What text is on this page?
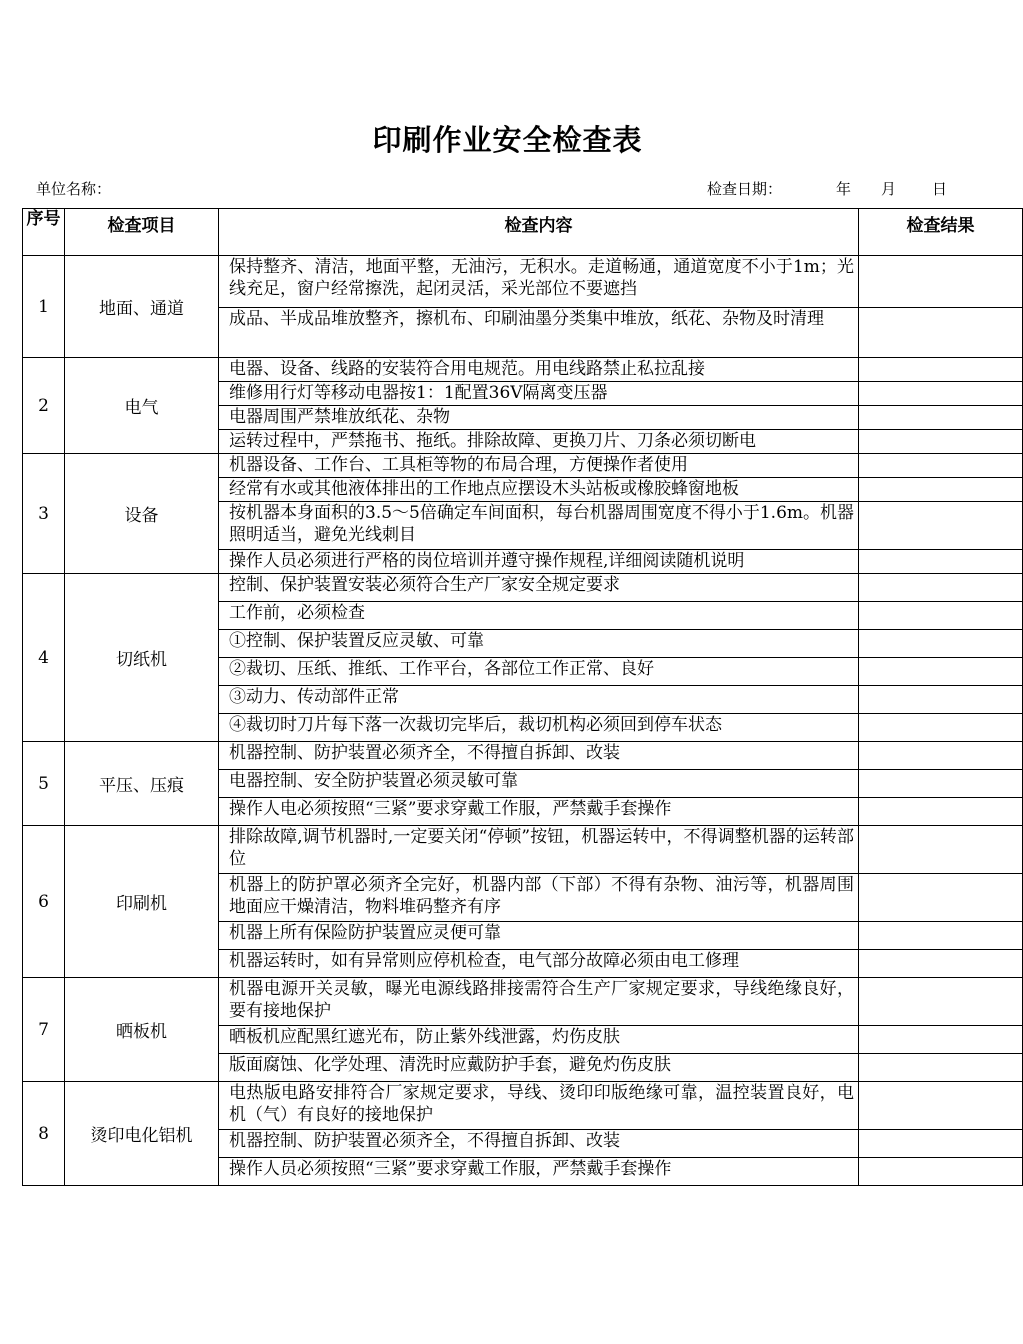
印刷作业安全检查表
单位名称：	检查日期：	年 月 日
序号	检查项目	检查内容	检查结果
1	地面、通道	保持整齐、清洁，地面平整，无油污，无积水。走道畅通，通道宽度不小于1m；光线充足，窗户经常擦洗，起闭灵活，采光部位不要遮挡	
		成品、半成品堆放整齐，擦机布、印刷油墨分类集中堆放，纸花、杂物及时清理	
2	电气	电器、设备、线路的安装符合用电规范。用电线路禁止私拉乱接	
		维修用行灯等移动电器按1：1配置36V隔离变压器	
		电器周围严禁堆放纸花、杂物	
		运转过程中，严禁拖书、拖纸。排除故障、更换刀片、刀条必须切断电	
3	设备	机器设备、工作台、工具柜等物的布局合理，方便操作者使用	
		经常有水或其他液体排出的工作地点应摆设木头站板或橡胶蜂窗地板	
		按机器本身面积的3.5～5倍确定车间面积，每台机器周围宽度不得小于1.6m。机器照明适当，避免光线刺目	
		操作人员必须进行严格的岗位培训并遵守操作规程,详细阅读随机说明	
4	切纸机	控制、保护装置安装必须符合生产厂家安全规定要求	
		工作前，必须检查	
		①控制、保护装置反应灵敏、可靠	
		②裁切、压纸、推纸、工作平台，各部位工作正常、良好	
		③动力、传动部件正常	
		④裁切时刀片每下落一次裁切完毕后，裁切机构必须回到停车状态	
5	平压、压痕	机器控制、防护装置必须齐全，不得擅自拆卸、改装	
		电器控制、安全防护装置必须灵敏可靠	
		操作人电必须按照“三紧”要求穿戴工作服，严禁戴手套操作	
6	印刷机	排除故障,调节机器时,一定要关闭“停顿”按钮，机器运转中，不得调整机器的运转部位	
		机器上的防护罩必须齐全完好，机器内部（下部）不得有杂物、油污等，机器周围地面应干燥清洁，物料堆码整齐有序	
		机器上所有保险防护装置应灵便可靠	
		机器运转时，如有异常则应停机检查，电气部分故障必须由电工修理	
7	晒板机	机器电源开关灵敏，曝光电源线路排接需符合生产厂家规定要求，导线绝缘良好，要有接地保护	
		晒板机应配黑红遮光布，防止紫外线泄露，灼伤皮肤	
		版面腐蚀、化学处理、清洗时应戴防护手套，避免灼伤皮肤	
8	烫印电化铝机	电热版电路安排符合厂家规定要求，导线、烫印印版绝缘可靠，温控装置良好，电机（气）有良好的接地保护	
		机器控制、防护装置必须齐全，不得擅自拆卸、改装	
		操作人员必须按照“三紧”要求穿戴工作服，严禁戴手套操作	
